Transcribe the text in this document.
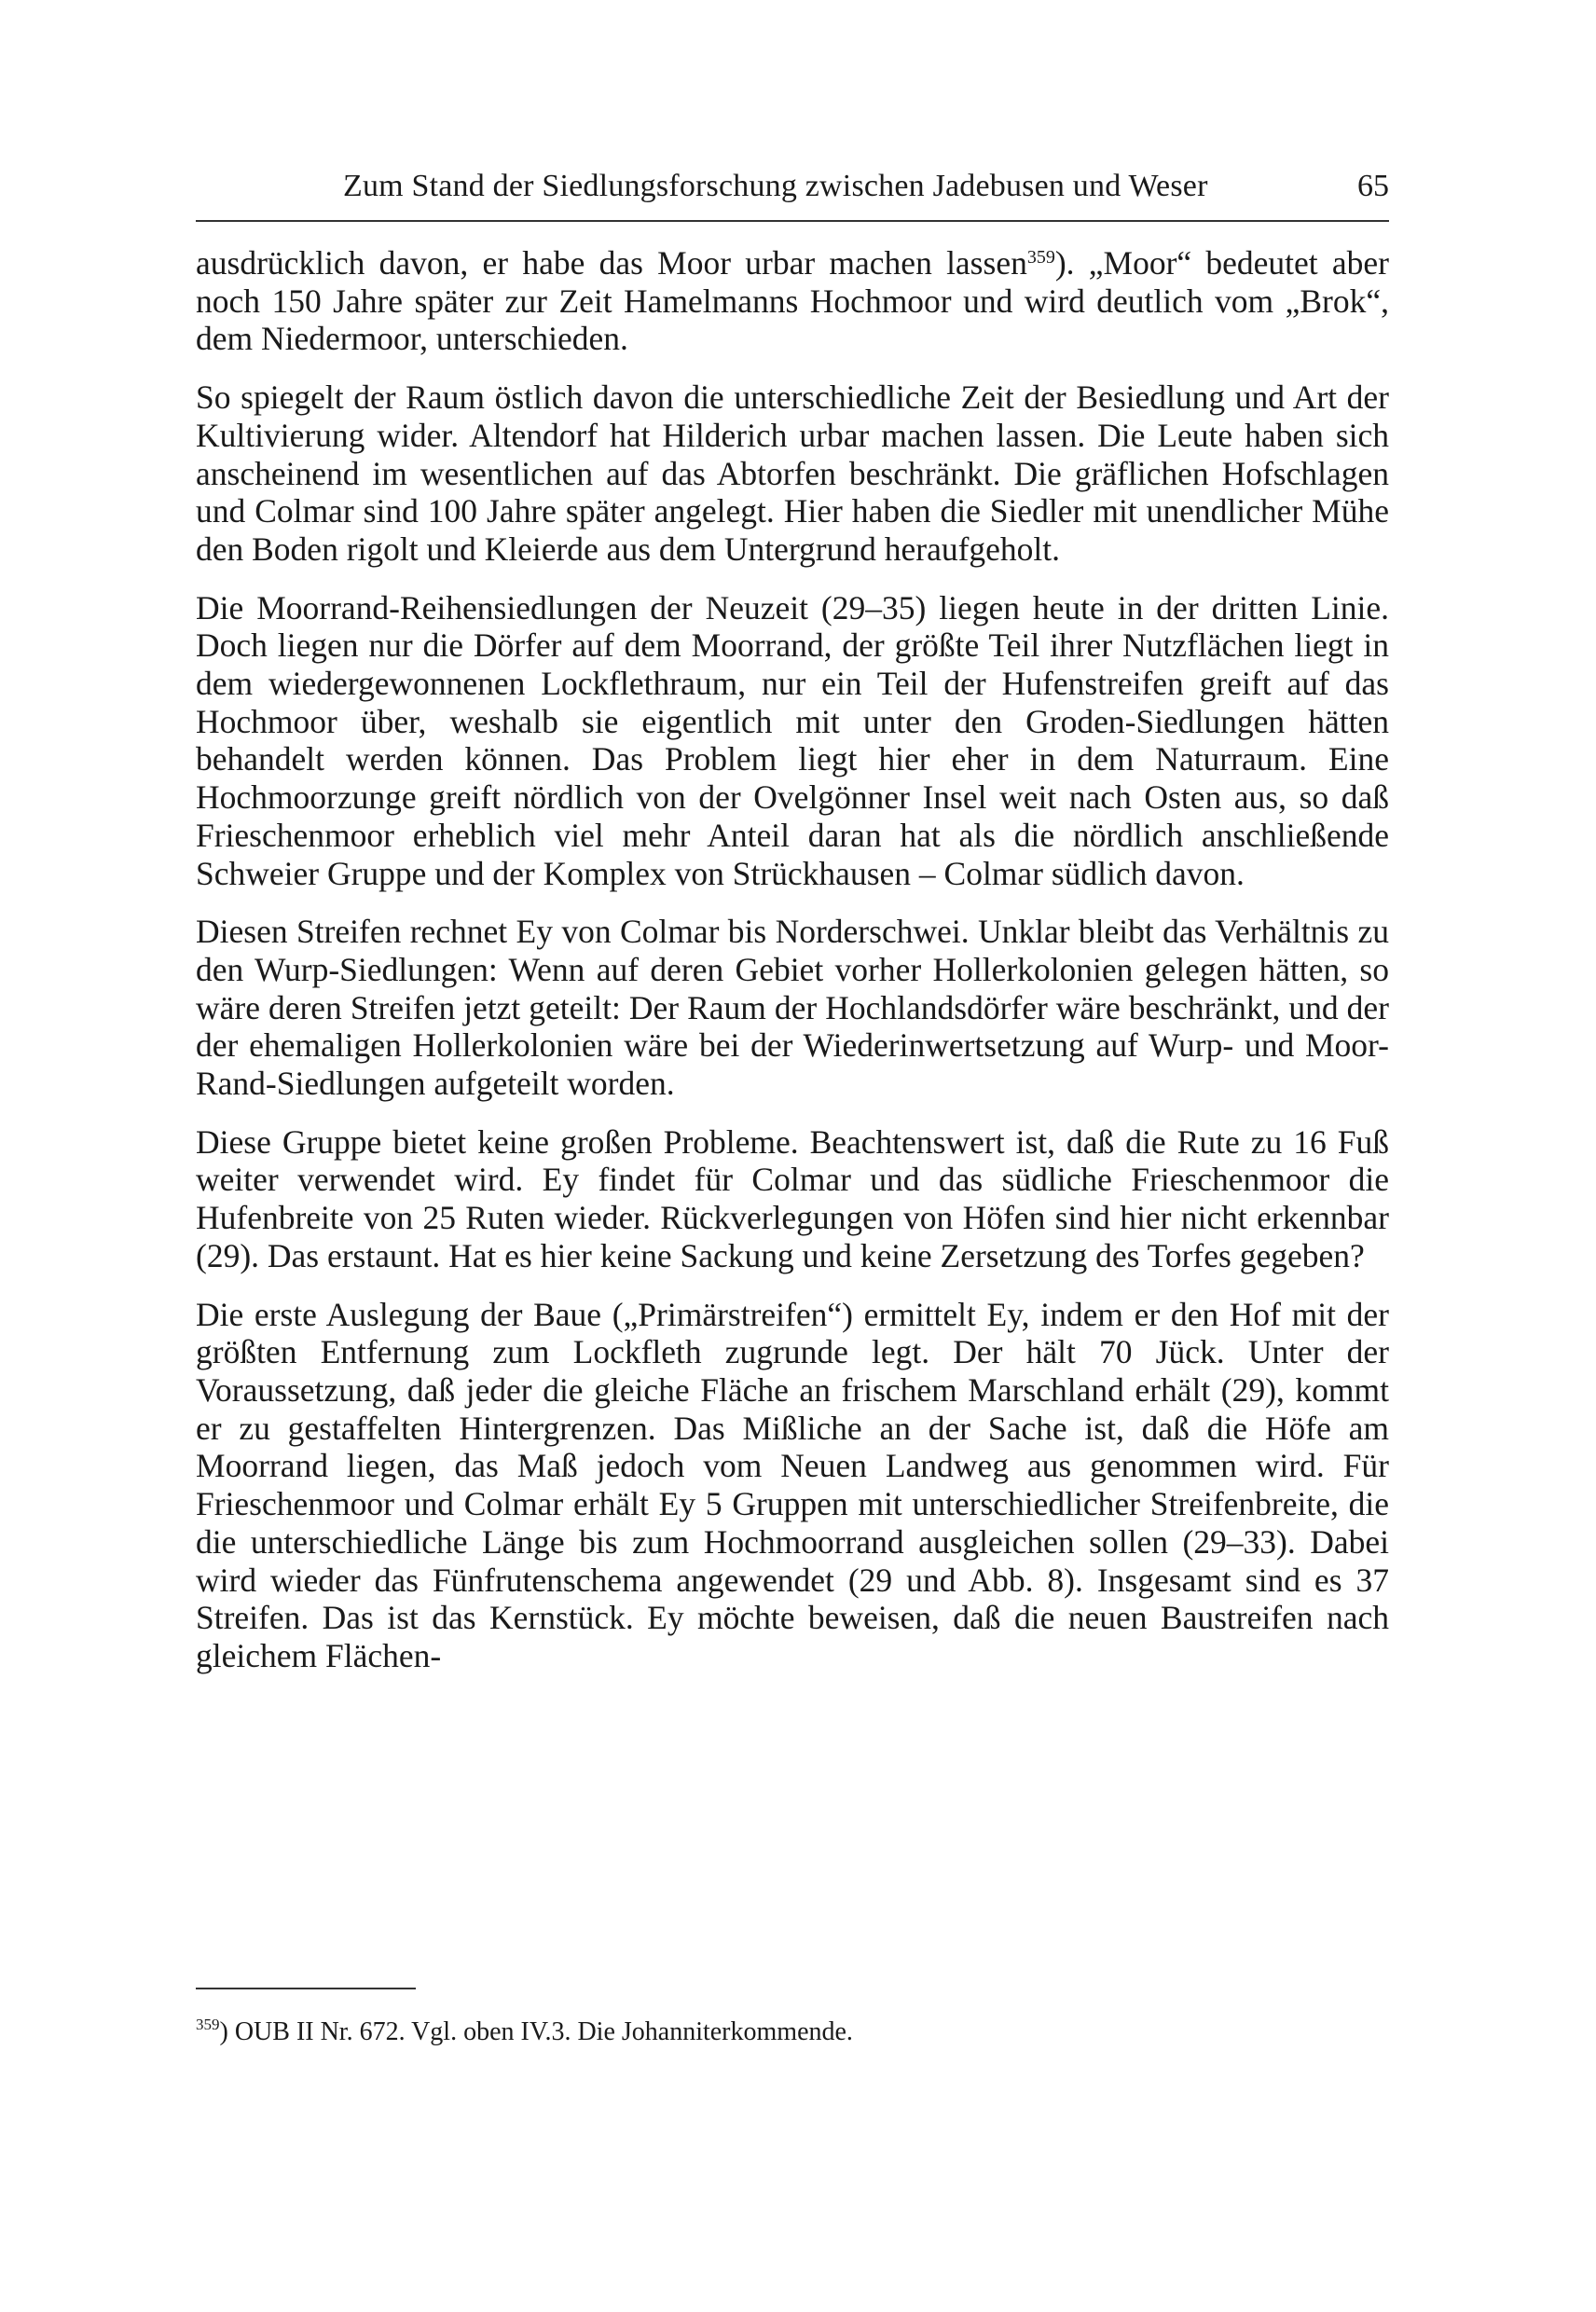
Zum Stand der Siedlungsforschung zwischen Jadebusen und Weser	65

ausdrücklich davon, er habe das Moor urbar machen lassen$^{359}$). „Moor“ bedeutet aber noch 150 Jahre später zur Zeit Hamelmanns Hochmoor und wird deutlich vom „Brok“, dem Niedermoor, unterschieden.

So spiegelt der Raum östlich davon die unterschiedliche Zeit der Besiedlung und Art der Kultivierung wider. Altendorf hat Hilderich urbar machen lassen. Die Leute haben sich anscheinend im wesentlichen auf das Abtorfen beschränkt. Die gräflichen Hofschlagen und Colmar sind 100 Jahre später angelegt. Hier haben die Siedler mit unendlicher Mühe den Boden rigolt und Kleierde aus dem Untergrund heraufgeholt.

Die Moorrand-Reihensiedlungen der Neuzeit (29–35) liegen heute in der dritten Linie. Doch liegen nur die Dörfer auf dem Moorrand, der größte Teil ihrer Nutzflächen liegt in dem wiedergewonnenen Lockflethraum, nur ein Teil der Hufenstreifen greift auf das Hochmoor über, weshalb sie eigentlich mit unter den Groden-Siedlungen hätten behandelt werden können. Das Problem liegt hier eher in dem Naturraum. Eine Hochmoorzunge greift nördlich von der Ovelgönner Insel weit nach Osten aus, so daß Frieschenmoor erheblich viel mehr Anteil daran hat als die nördlich anschließende Schweier Gruppe und der Komplex von Strückhausen – Colmar südlich davon.

Diesen Streifen rechnet Ey von Colmar bis Norderschwei. Unklar bleibt das Verhältnis zu den Wurp-Siedlungen: Wenn auf deren Gebiet vorher Hollerkolonien gelegen hätten, so wäre deren Streifen jetzt geteilt: Der Raum der Hochlandsdörfer wäre beschränkt, und der der ehemaligen Hollerkolonien wäre bei der Wiederinwertsetzung auf Wurp- und Moor-Rand-Siedlungen aufgeteilt worden.

Diese Gruppe bietet keine großen Probleme. Beachtenswert ist, daß die Rute zu 16 Fuß weiter verwendet wird. Ey findet für Colmar und das südliche Frieschenmoor die Hufenbreite von 25 Ruten wieder. Rückverlegungen von Höfen sind hier nicht erkennbar (29). Das erstaunt. Hat es hier keine Sackung und keine Zersetzung des Torfes gegeben?

Die erste Auslegung der Baue („Primärstreifen“) ermittelt Ey, indem er den Hof mit der größten Entfernung zum Lockfleth zugrunde legt. Der hält 70 Jück. Unter der Voraussetzung, daß jeder die gleiche Fläche an frischem Marschland erhält (29), kommt er zu gestaffelten Hintergrenzen. Das Mißliche an der Sache ist, daß die Höfe am Moorrand liegen, das Maß jedoch vom Neuen Landweg aus genommen wird. Für Frieschenmoor und Colmar erhält Ey 5 Gruppen mit unterschiedlicher Streifenbreite, die die unterschiedliche Länge bis zum Hochmoorrand ausgleichen sollen (29–33). Dabei wird wieder das Fünfrutenschema angewendet (29 und Abb. 8). Insgesamt sind es 37 Streifen. Das ist das Kernstück. Ey möchte beweisen, daß die neuen Baustreifen nach gleichem Flächen-

$^{359}$) OUB II Nr. 672. Vgl. oben IV.3. Die Johanniterkommende.
